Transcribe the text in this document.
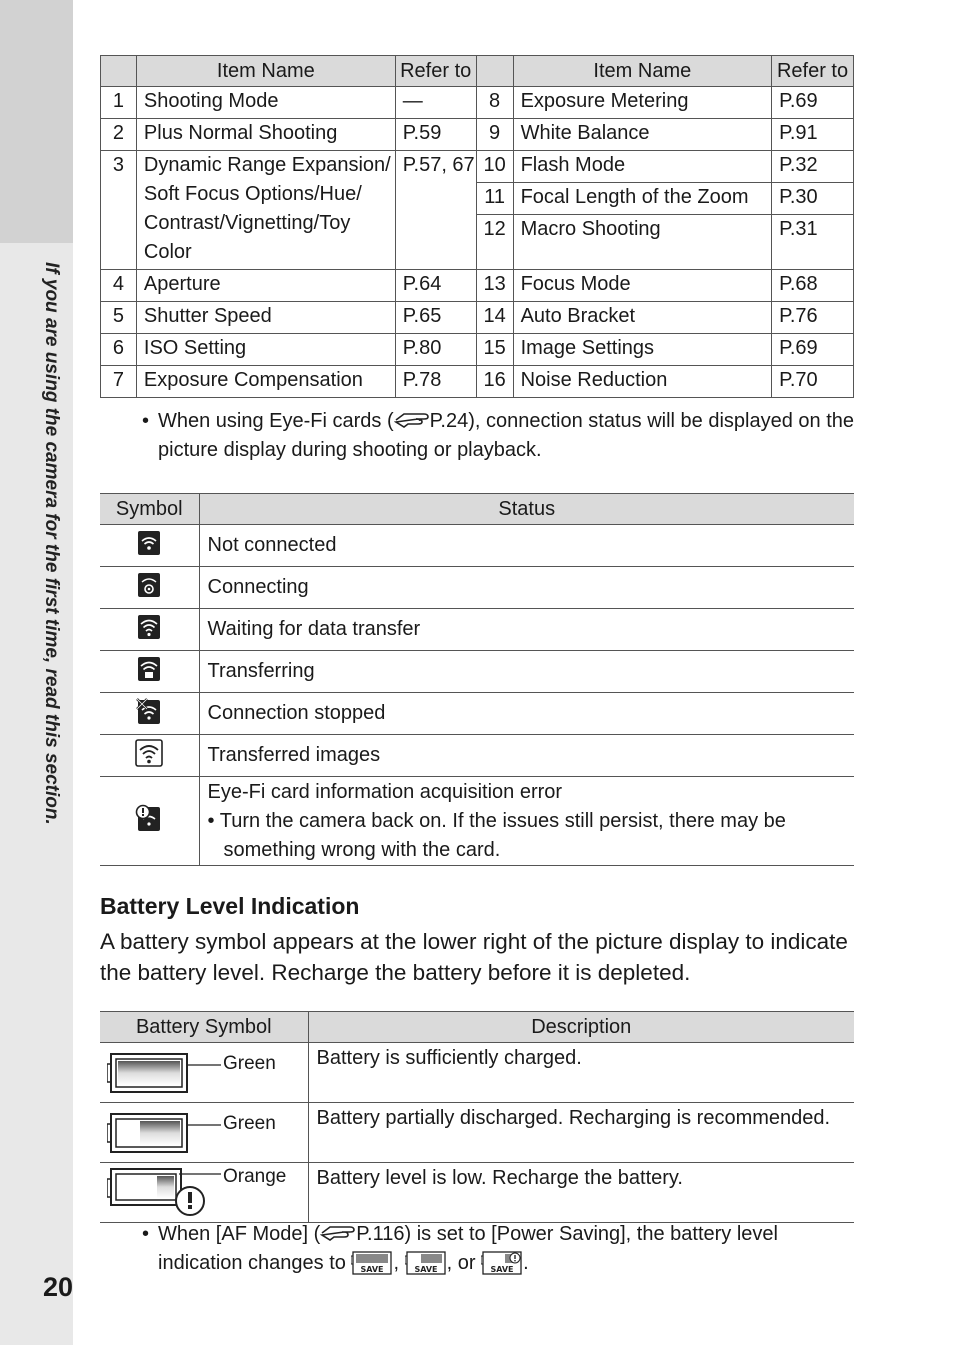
If you are using the camera for the first time, read this section.
20
	Item Name	Refer to		Item Name	Refer to
1	Shooting Mode	—	8	Exposure Metering	P.69
2	Plus Normal Shooting	P.59	9	White Balance	P.91
3	Dynamic Range Expansion/
Soft Focus Options/Hue/
Contrast/Vignetting/Toy
Color	P.57, 67	10	Flash Mode	P.32
			11	Focal Length of the Zoom	P.30
			12	Macro Shooting	P.31
4	Aperture	P.64	13	Focus Mode	P.68
5	Shutter Speed	P.65	14	Auto Bracket	P.76
6	ISO Setting	P.80	15	Image Settings	P.69
7	Exposure Compensation	P.78	16	Noise Reduction	P.70
• When using Eye-Fi cards ( P.24), connection status will be displayed on the picture display during shooting or playback.
Symbol	Status
	Not connected
	Connecting
	Waiting for data transfer
	Transferring
	Connection stopped
	Transferred images

Eye-Fi card information acquisition error
• Turn the camera back on. If the issues still persist, there may be
something wrong with the card.
Battery Level Indication
A battery symbol appears at the lower right of the picture display to indicate the battery level. Recharge the battery before it is depleted.
Battery Symbol	Description

Green	Battery is sufficiently charged.

Green	Battery partially discharged. Recharging is recommended.

Orange	Battery level is low. Recharge the battery.
• When [AF Mode] ( P.116) is set to [Power Saving], the battery level
indication changes to SAVE , SAVE , or SAVE .
